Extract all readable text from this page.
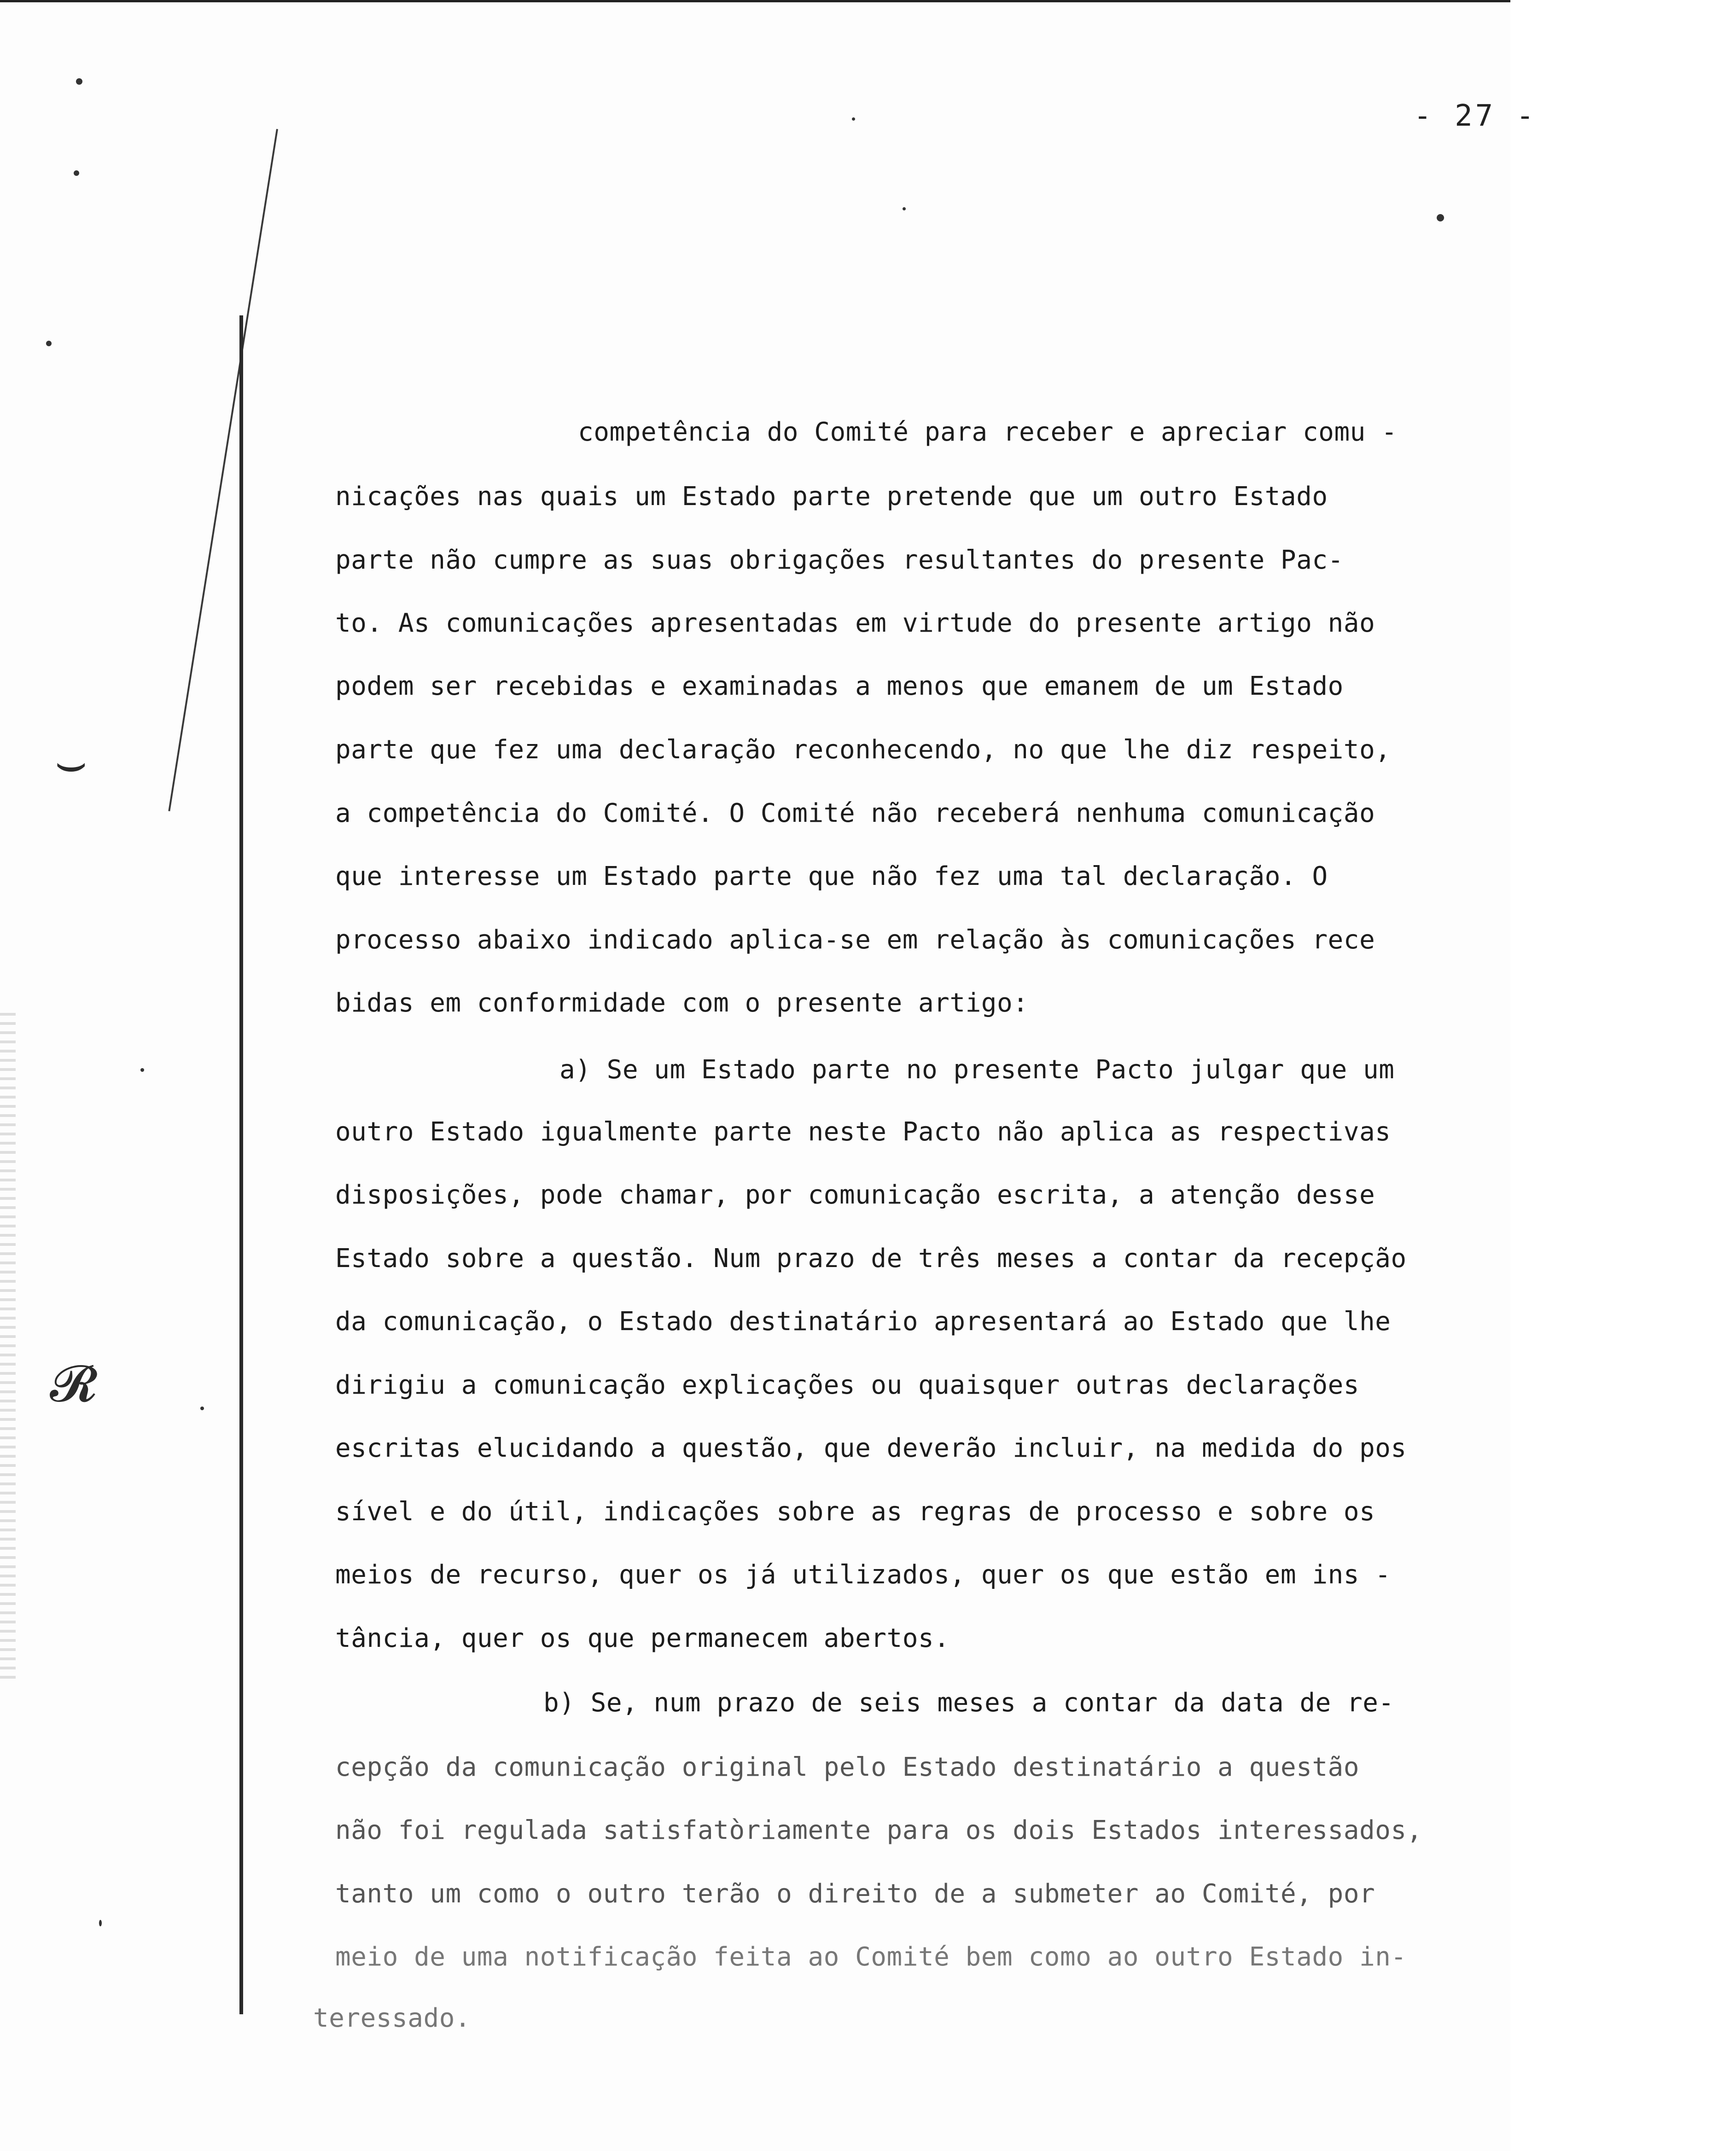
- 27 -
⌣
𝓡
competência do Comité para receber e apreciar comu -
nicações nas quais um Estado parte pretende que um outro Estado
parte não cumpre as suas obrigações resultantes do presente Pac-
to. As comunicações apresentadas em virtude do presente artigo não
podem ser recebidas e examinadas a menos que emanem de um Estado
parte que fez uma declaração reconhecendo, no que lhe diz respeito,
a competência do Comité. O Comité não receberá nenhuma comunicação
que interesse um Estado parte que não fez uma tal declaração. O
processo abaixo indicado aplica-se em relação às comunicações rece
bidas em conformidade com o presente artigo:
a) Se um Estado parte no presente Pacto julgar que um
outro Estado igualmente parte neste Pacto não aplica as respectivas
disposições, pode chamar, por comunicação escrita, a atenção desse
Estado sobre a questão. Num prazo de três meses a contar da recepção
da comunicação, o Estado destinatário apresentará ao Estado que lhe
dirigiu a comunicação explicações ou quaisquer outras declarações
escritas elucidando a questão, que deverão incluir, na medida do pos
sível e do útil, indicações sobre as regras de processo e sobre os
meios de recurso, quer os já utilizados, quer os que estão em ins -
tância, quer os que permanecem abertos.
b) Se, num prazo de seis meses a contar da data de re-
cepção da comunicação original pelo Estado destinatário a questão
não foi regulada satisfatòriamente para os dois Estados interessados,
tanto um como o outro terão o direito de a submeter ao Comité, por
meio de uma notificação feita ao Comité bem como ao outro Estado in-
teressado.
